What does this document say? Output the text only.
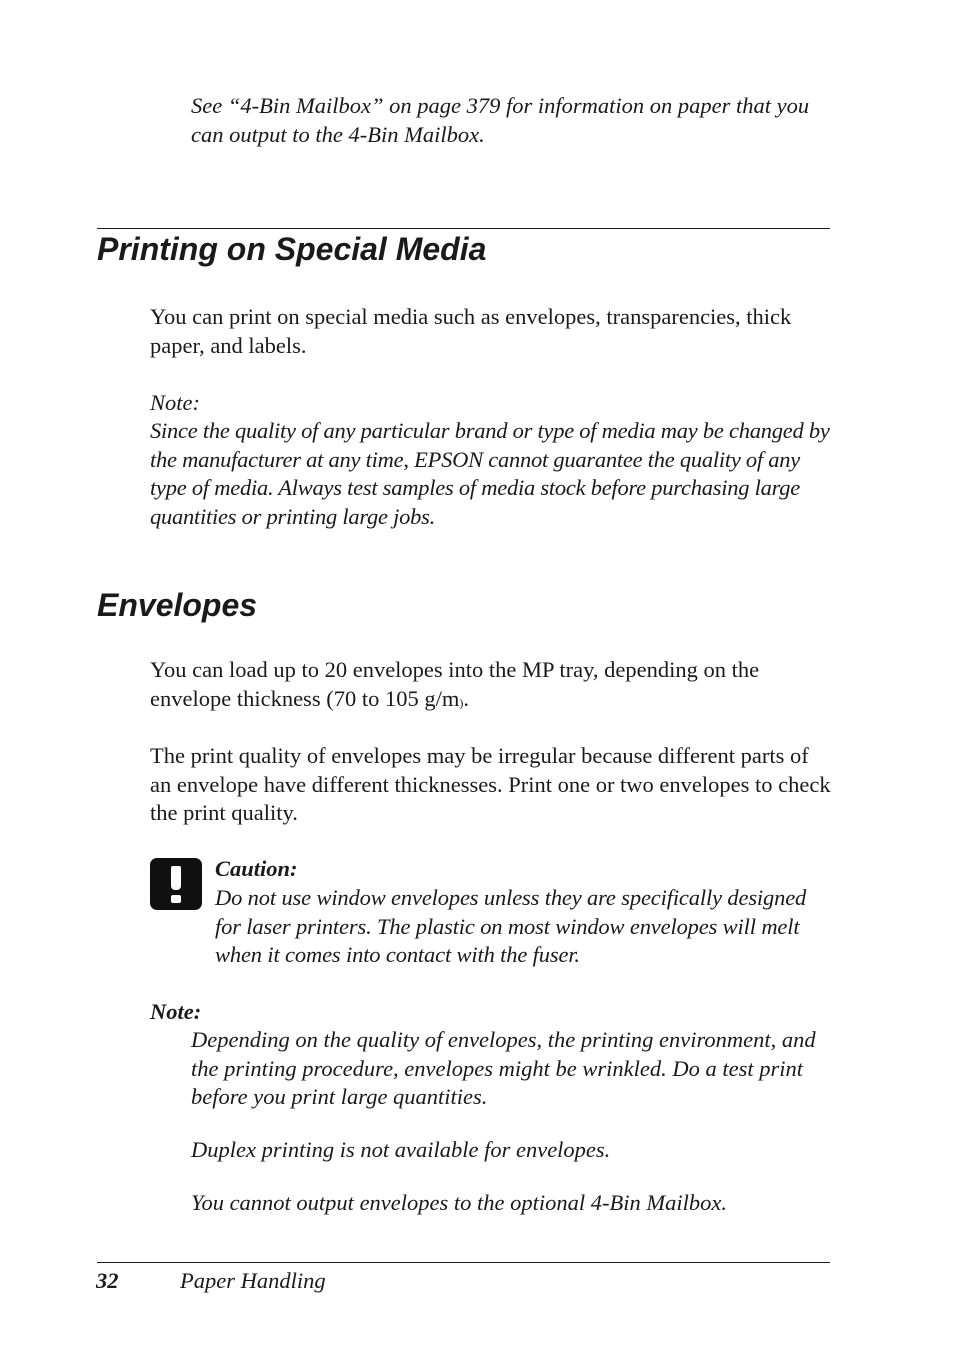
See “4-Bin Mailbox” on page 379 for information on paper that you can output to the 4-Bin Mailbox.
Printing on Special Media
You can print on special media such as envelopes, transparencies, thick paper, and labels.
Note:
Since the quality of any particular brand or type of media may be changed by the manufacturer at any time, EPSON cannot guarantee the quality of any type of media. Always test samples of media stock before purchasing large quantities or printing large jobs.
Envelopes
You can load up to 20 envelopes into the MP tray, depending on the envelope thickness (70 to 105 g/m).
The print quality of envelopes may be irregular because different parts of an envelope have different thicknesses. Print one or two envelopes to check the print quality.
Caution:
Do not use window envelopes unless they are specifically designed for laser printers. The plastic on most window envelopes will melt when it comes into contact with the fuser.
Note:
Depending on the quality of envelopes, the printing environment, and the printing procedure, envelopes might be wrinkled. Do a test print before you print large quantities.
Duplex printing is not available for envelopes.
You cannot output envelopes to the optional 4-Bin Mailbox.
32	Paper Handling
